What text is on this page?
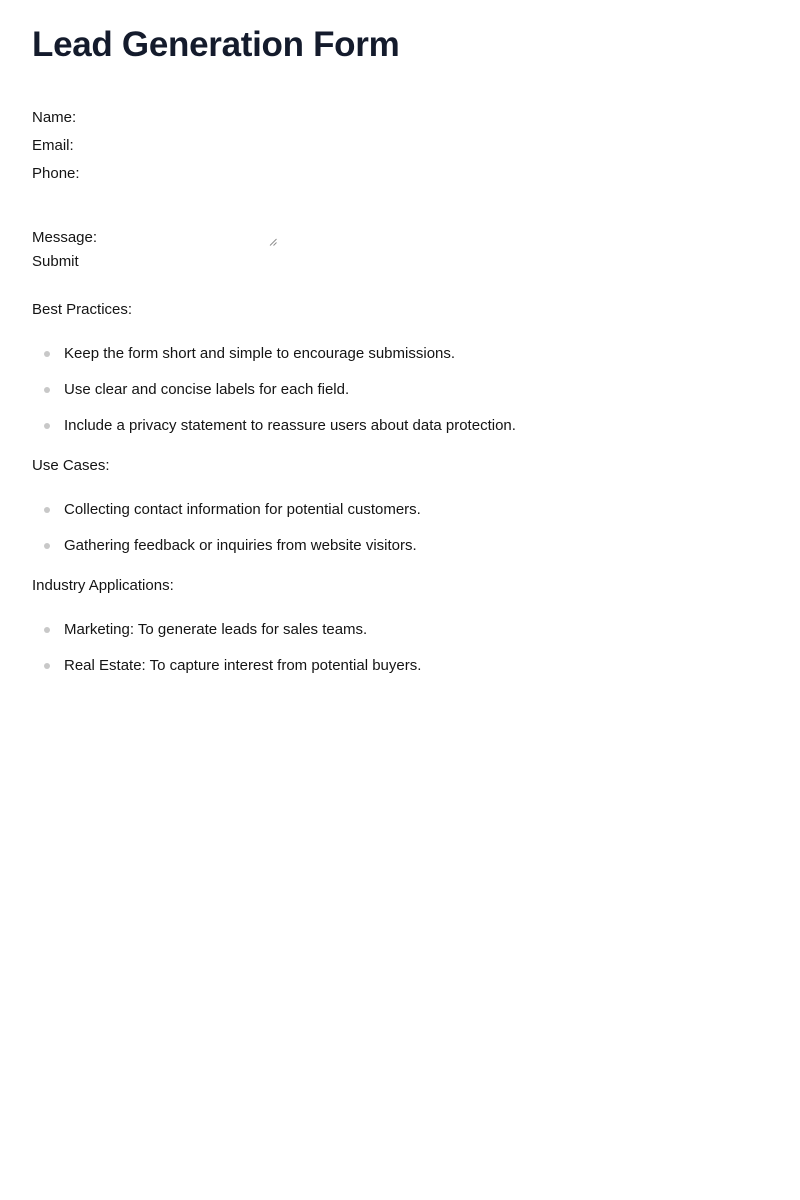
Lead Generation Form
Name:
Email:
Phone:
Message:
Submit
Best Practices:
Keep the form short and simple to encourage submissions.
Use clear and concise labels for each field.
Include a privacy statement to reassure users about data protection.
Use Cases:
Collecting contact information for potential customers.
Gathering feedback or inquiries from website visitors.
Industry Applications:
Marketing: To generate leads for sales teams.
Real Estate: To capture interest from potential buyers.
